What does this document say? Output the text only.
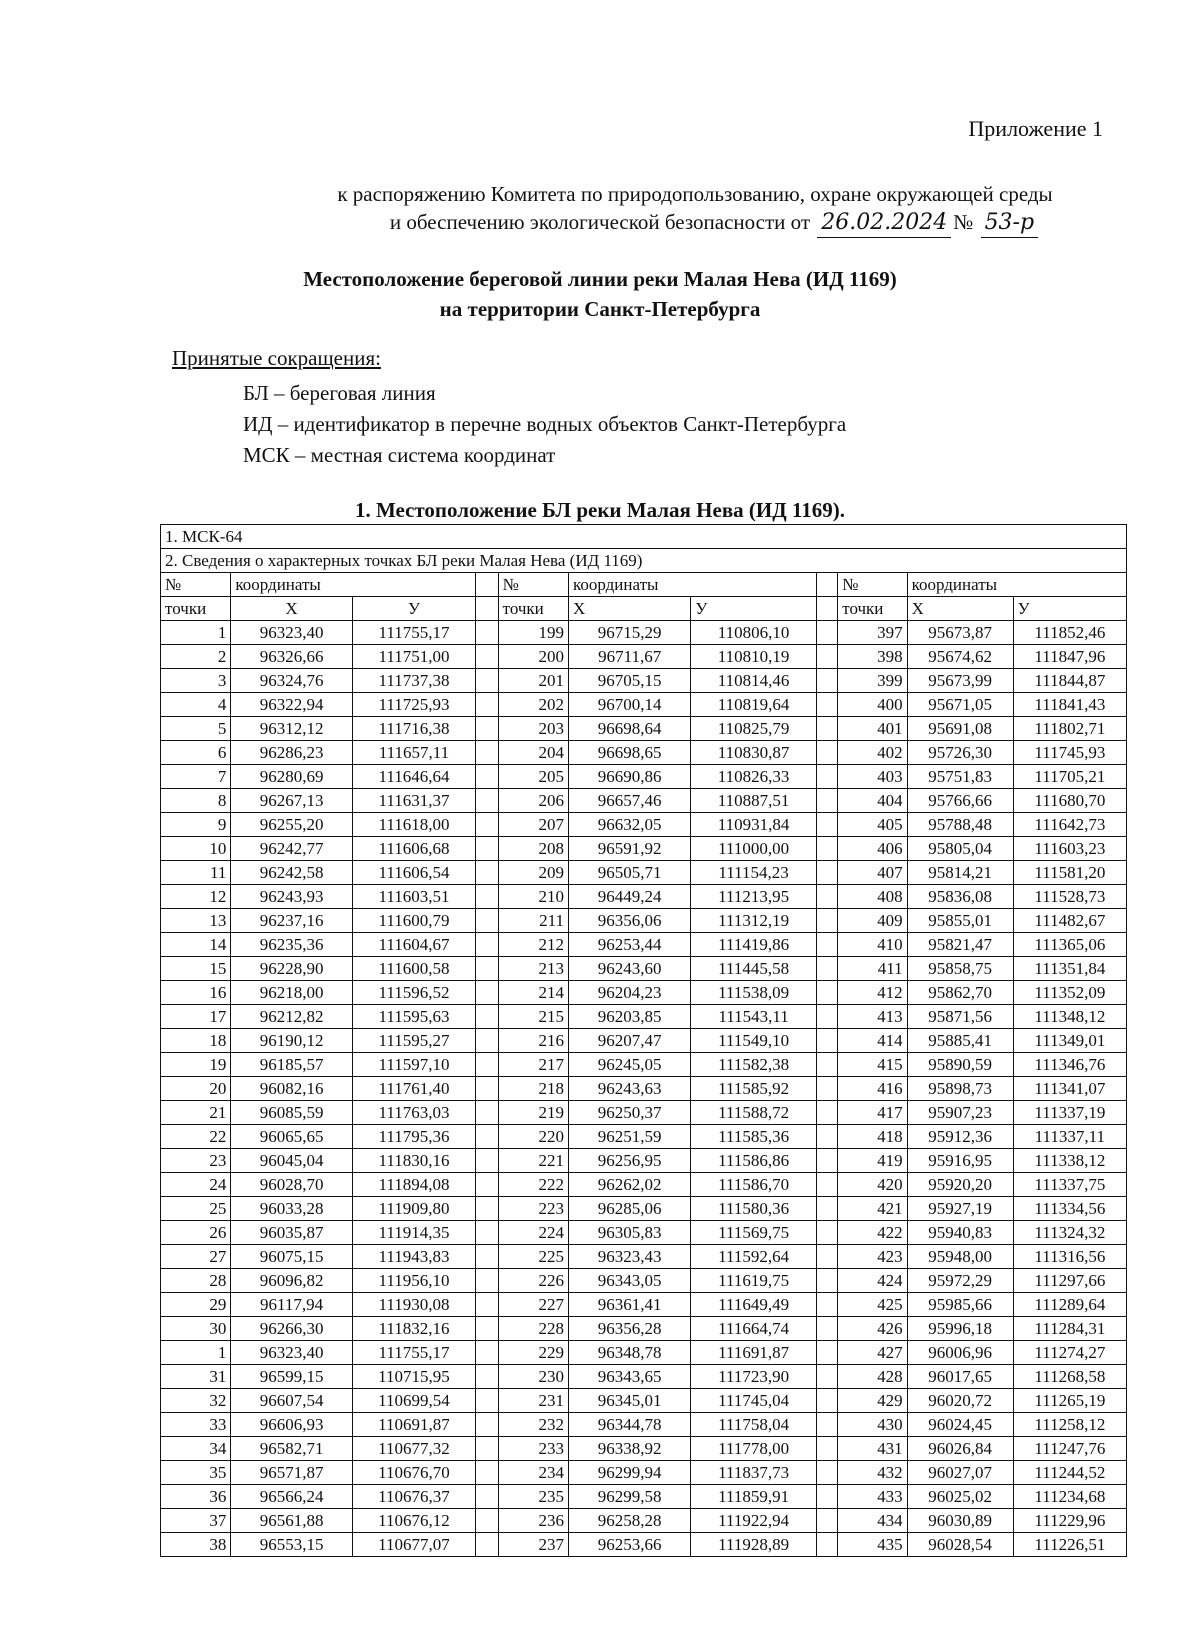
Приложение 1
к распоряжению Комитета по природопользованию, охране окружающей среды
и обеспечению экологической безопасности от 26.02.2024 № 53-р
Местоположение береговой линии реки Малая Нева (ИД 1169)
на территории Санкт-Петербурга
Принятые сокращения:
БЛ – береговая линия
ИД – идентификатор в перечне водных объектов Санкт-Петербурга
МСК – местная система координат
1. Местоположение БЛ реки Малая Нева (ИД 1169).
1. МСК-64										
2. Сведения о характерных точках БЛ реки Малая Нева (ИД 1169)										
№	координаты			№	координаты			№	координаты	
точки	Х	У		точки	Х	У		точки	Х	У
1	96323,40	111755,17		199	96715,29	110806,10		397	95673,87	111852,46
2	96326,66	111751,00		200	96711,67	110810,19		398	95674,62	111847,96
3	96324,76	111737,38		201	96705,15	110814,46		399	95673,99	111844,87
4	96322,94	111725,93		202	96700,14	110819,64		400	95671,05	111841,43
5	96312,12	111716,38		203	96698,64	110825,79		401	95691,08	111802,71
6	96286,23	111657,11		204	96698,65	110830,87		402	95726,30	111745,93
7	96280,69	111646,64		205	96690,86	110826,33		403	95751,83	111705,21
8	96267,13	111631,37		206	96657,46	110887,51		404	95766,66	111680,70
9	96255,20	111618,00		207	96632,05	110931,84		405	95788,48	111642,73
10	96242,77	111606,68		208	96591,92	111000,00		406	95805,04	111603,23
11	96242,58	111606,54		209	96505,71	111154,23		407	95814,21	111581,20
12	96243,93	111603,51		210	96449,24	111213,95		408	95836,08	111528,73
13	96237,16	111600,79		211	96356,06	111312,19		409	95855,01	111482,67
14	96235,36	111604,67		212	96253,44	111419,86		410	95821,47	111365,06
15	96228,90	111600,58		213	96243,60	111445,58		411	95858,75	111351,84
16	96218,00	111596,52		214	96204,23	111538,09		412	95862,70	111352,09
17	96212,82	111595,63		215	96203,85	111543,11		413	95871,56	111348,12
18	96190,12	111595,27		216	96207,47	111549,10		414	95885,41	111349,01
19	96185,57	111597,10		217	96245,05	111582,38		415	95890,59	111346,76
20	96082,16	111761,40		218	96243,63	111585,92		416	95898,73	111341,07
21	96085,59	111763,03		219	96250,37	111588,72		417	95907,23	111337,19
22	96065,65	111795,36		220	96251,59	111585,36		418	95912,36	111337,11
23	96045,04	111830,16		221	96256,95	111586,86		419	95916,95	111338,12
24	96028,70	111894,08		222	96262,02	111586,70		420	95920,20	111337,75
25	96033,28	111909,80		223	96285,06	111580,36		421	95927,19	111334,56
26	96035,87	111914,35		224	96305,83	111569,75		422	95940,83	111324,32
27	96075,15	111943,83		225	96323,43	111592,64		423	95948,00	111316,56
28	96096,82	111956,10		226	96343,05	111619,75		424	95972,29	111297,66
29	96117,94	111930,08		227	96361,41	111649,49		425	95985,66	111289,64
30	96266,30	111832,16		228	96356,28	111664,74		426	95996,18	111284,31
1	96323,40	111755,17		229	96348,78	111691,87		427	96006,96	111274,27
31	96599,15	110715,95		230	96343,65	111723,90		428	96017,65	111268,58
32	96607,54	110699,54		231	96345,01	111745,04		429	96020,72	111265,19
33	96606,93	110691,87		232	96344,78	111758,04		430	96024,45	111258,12
34	96582,71	110677,32		233	96338,92	111778,00		431	96026,84	111247,76
35	96571,87	110676,70		234	96299,94	111837,73		432	96027,07	111244,52
36	96566,24	110676,37		235	96299,58	111859,91		433	96025,02	111234,68
37	96561,88	110676,12		236	96258,28	111922,94		434	96030,89	111229,96
38	96553,15	110677,07		237	96253,66	111928,89		435	96028,54	111226,51
